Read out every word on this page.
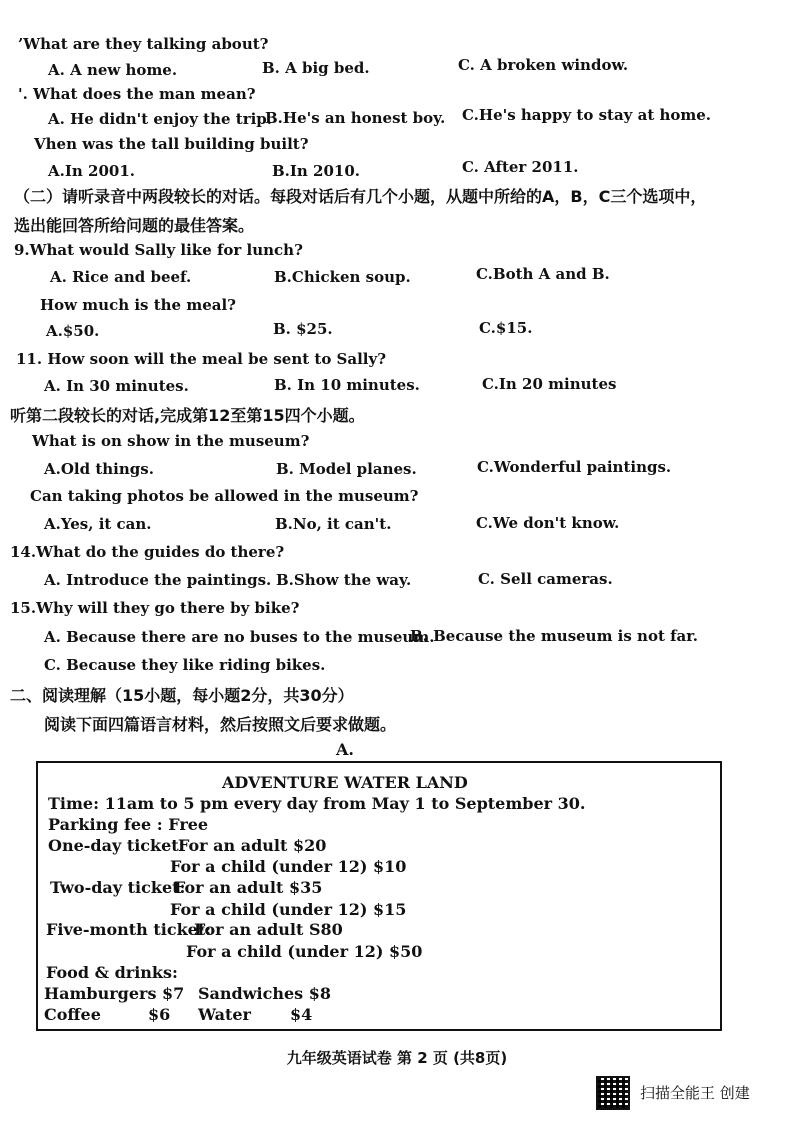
’What are they talking about?
A. A new home.	B. A big bed.	C. A broken window.
'. What does the man mean?
A. He didn't enjoy the trip.
B.He's an honest boy. C.He's happy to stay at home.
Vhen was the tall building built?
A.In 2001.	B.In 2010.	C. After 2011.
（二）请听录音中两段较长的对话。每段对话后有几个小题，从题中所给的A，B，C三个选项中，
选出能回答所给问题的最佳答案。
9.What would Sally like for lunch?
A. Rice and beef.	B.Chicken soup.	C.Both A and B.
How much is the meal?
A.$50.	B. $25.	C.$15.
11. How soon will the meal be sent to Sally?
A. In 30 minutes.	B. In 10 minutes.	C.In 20 minutes
听第二段较长的对话,完成第12至第15四个小题。
What is on show in the museum?
A.Old things.	B. Model planes.	C.Wonderful paintings.
Can taking photos be allowed in the museum?
A.Yes, it can.	B.No, it can't.	C.We don't know.
14.What do the guides do there?
A. Introduce the paintings. B.Show the way.	C. Sell cameras.
15.Why will they go there by bike?
A. Because there are no buses to the museum.
B. Because the museum is not far.
C. Because they like riding bikes.
二、阅读理解（15小题，每小题2分，共30分）
阅读下面四篇语言材料，然后按照文后要求做题。
A.
ADVENTURE WATER LAND
Time: 11am to 5 pm every day from May 1 to September 30.
Parking fee : Free
One-day ticket:
For an adult $20
For a child (under 12) $10
Two-day ticket:
For an adult $35
For a child (under 12) $15
Five-month ticket:
For an adult S80
For a child (under 12) $50
Food & drinks:
Hamburgers $7 Sandwiches $8
Coffee	$6 Water $4
九年级英语试卷 第 2 页 (共8页)
扫描全能王 创建
